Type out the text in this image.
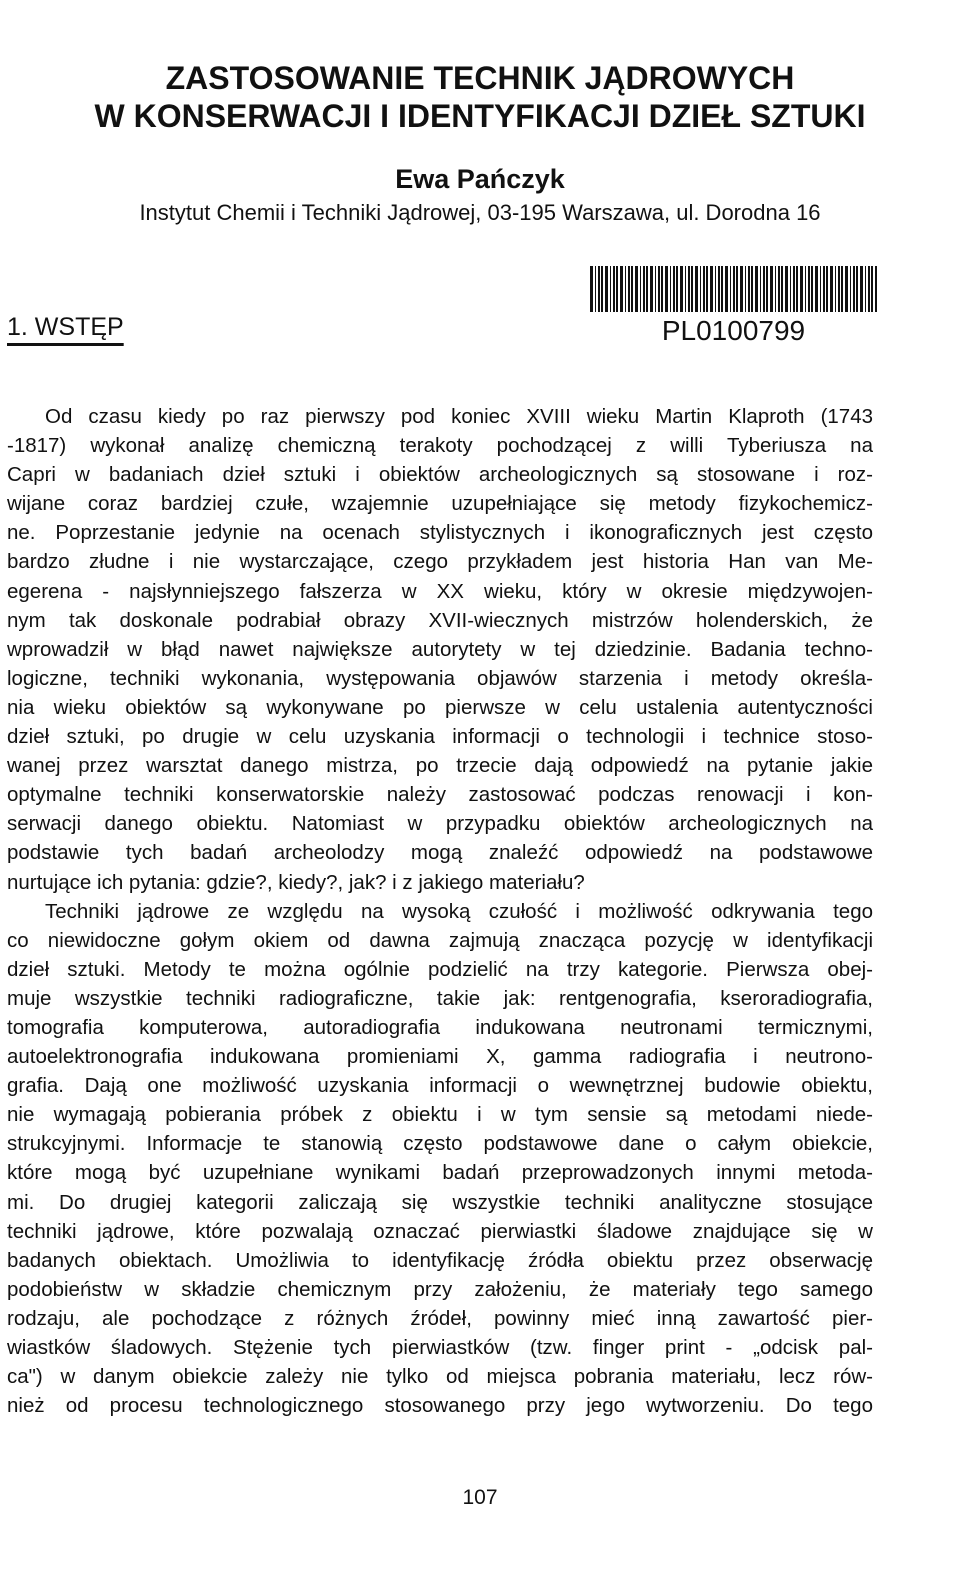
ZASTOSOWANIE TECHNIK JĄDROWYCH
W KONSERWACJI I IDENTYFIKACJI DZIEŁ SZTUKI

Ewa Pańczyk

Instytut Chemii i Techniki Jądrowej, 03-195 Warszawa, ul. Dorodna 16

PL0100799

1. WSTĘP
Od czasu kiedy po raz pierwszy pod koniec XVIII wieku Martin Klaproth (1743
-1817) wykonał analizę chemiczną terakoty pochodzącej z willi Tyberiusza na
Capri w badaniach dzieł sztuki i obiektów archeologicznych są stosowane i roz-
wijane coraz bardziej czułe, wzajemnie uzupełniające się metody fizykochemicz-
ne. Poprzestanie jedynie na ocenach stylistycznych i ikonograficznych jest często
bardzo złudne i nie wystarczające, czego przykładem jest historia Han van Me-
egerena - najsłynniejszego fałszerza w XX wieku, który w okresie międzywojen-
nym tak doskonale podrabiał obrazy XVII-wiecznych mistrzów holenderskich, że
wprowadził w błąd nawet największe autorytety w tej dziedzinie. Badania techno-
logiczne, techniki wykonania, występowania objawów starzenia i metody określa-
nia wieku obiektów są wykonywane po pierwsze w celu ustalenia autentyczności
dzieł sztuki, po drugie w celu uzyskania informacji o technologii i technice stoso-
wanej przez warsztat danego mistrza, po trzecie dają odpowiedź na pytanie jakie
optymalne techniki konserwatorskie należy zastosować podczas renowacji i kon-
serwacji danego obiektu. Natomiast w przypadku obiektów archeologicznych na
podstawie tych badań archeolodzy mogą znaleźć odpowiedź na podstawowe
nurtujące ich pytania: gdzie?, kiedy?, jak? i z jakiego materiału?
Techniki jądrowe ze względu na wysoką czułość i możliwość odkrywania tego
co niewidoczne gołym okiem od dawna zajmują znacząca pozycję w identyfikacji
dzieł sztuki. Metody te można ogólnie podzielić na trzy kategorie. Pierwsza obej-
muje wszystkie techniki radiograficzne, takie jak: rentgenografia, kseroradiografia,
tomografia komputerowa, autoradiografia indukowana neutronami termicznymi,
autoelektronografia indukowana promieniami X, gamma radiografia i neutrono-
grafia. Dają one możliwość uzyskania informacji o wewnętrznej budowie obiektu,
nie wymagają pobierania próbek z obiektu i w tym sensie są metodami niede-
strukcyjnymi. Informacje te stanowią często podstawowe dane o całym obiekcie,
które mogą być uzupełniane wynikami badań przeprowadzonych innymi metoda-
mi. Do drugiej kategorii zaliczają się wszystkie techniki analityczne stosujące
techniki jądrowe, które pozwalają oznaczać pierwiastki śladowe znajdujące się w
badanych obiektach. Umożliwia to identyfikację źródła obiektu przez obserwację
podobieństw w składzie chemicznym przy założeniu, że materiały tego samego
rodzaju, ale pochodzące z różnych źródeł, powinny mieć inną zawartość pier-
wiastków śladowych. Stężenie tych pierwiastków (tzw. finger print - „odcisk pal-
ca") w danym obiekcie zależy nie tylko od miejsca pobrania materiału, lecz rów-
nież od procesu technologicznego stosowanego przy jego wytworzeniu. Do tego

107
